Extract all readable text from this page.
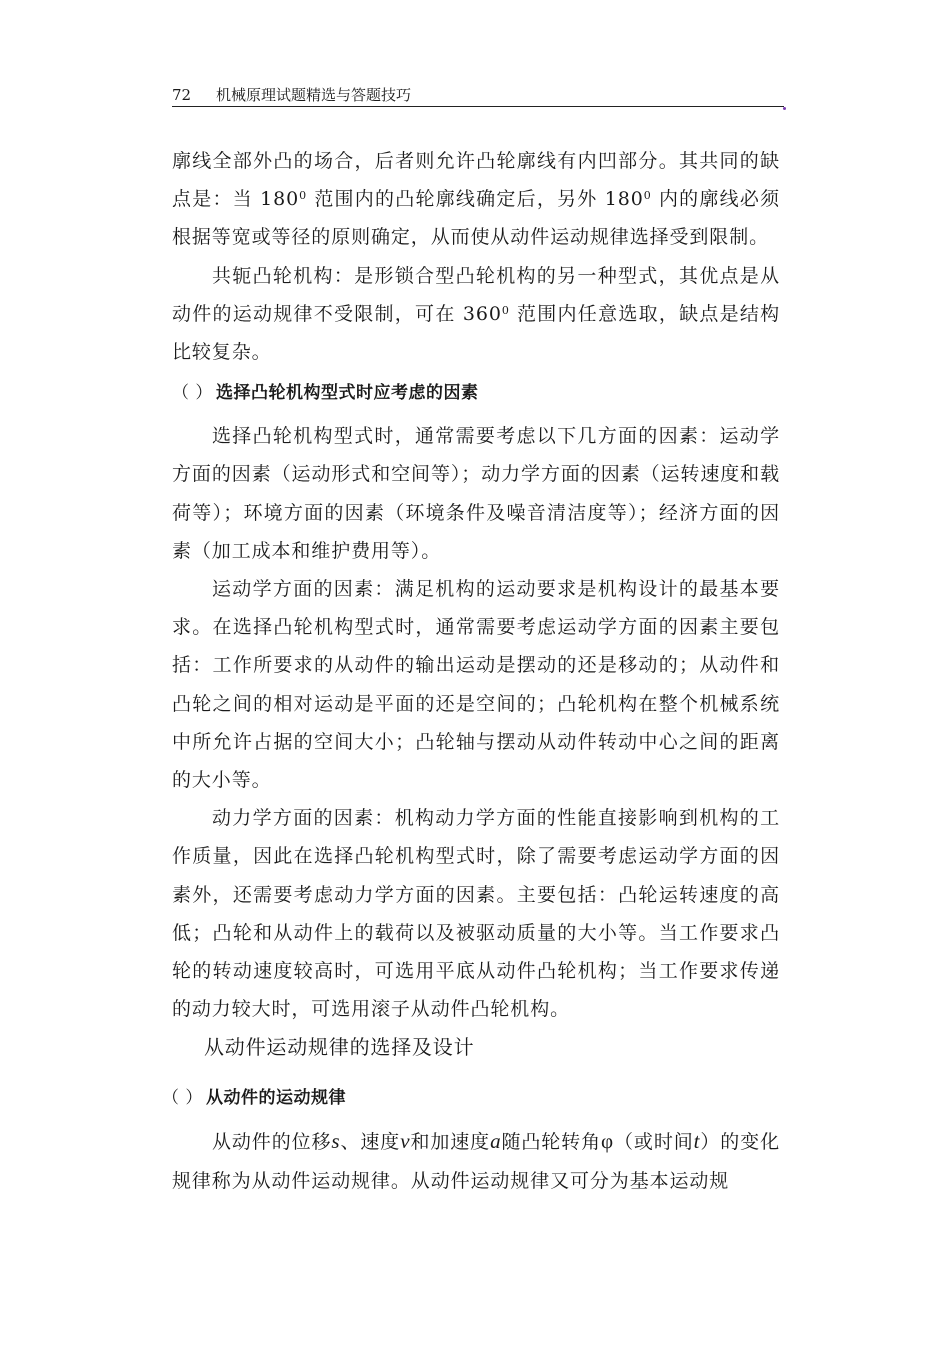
72 机械原理试题精选与答题技巧

廓线全部外凸的场合，后者则允许凸轮廓线有内凹部分。其共同的缺点是：当 $180^0$ 范围内的凸轮廓线确定后，另外 $180^0$ 内的廓线必须根据等宽或等径的原则确定，从而使从动件运动规律选择受到限制。

共轭凸轮机构：是形锁合型凸轮机构的另一种型式，其优点是从动件的运动规律不受限制，可在 $360^0$ 范围内任意选取，缺点是结构比较复杂。

（ ） 选择凸轮机构型式时应考虑的因素

选择凸轮机构型式时，通常需要考虑以下几方面的因素：运动学方面的因素（运动形式和空间等）；动力学方面的因素（运转速度和载荷等）；环境方面的因素（环境条件及噪音清洁度等）；经济方面的因素（加工成本和维护费用等）。

运动学方面的因素：满足机构的运动要求是机构设计的最基本要求。在选择凸轮机构型式时，通常需要考虑运动学方面的因素主要包括：工作所要求的从动件的输出运动是摆动的还是移动的；从动件和凸轮之间的相对运动是平面的还是空间的；凸轮机构在整个机械系统中所允许占据的空间大小；凸轮轴与摆动从动件转动中心之间的距离的大小等。

动力学方面的因素：机构动力学方面的性能直接影响到机构的工作质量，因此在选择凸轮机构型式时，除了需要考虑运动学方面的因素外，还需要考虑动力学方面的因素。主要包括：凸轮运转速度的高低；凸轮和从动件上的载荷以及被驱动质量的大小等。当工作要求凸轮的转动速度较高时，可选用平底从动件凸轮机构；当工作要求传递的动力较大时，可选用滚子从动件凸轮机构。

从动件运动规律的选择及设计
（ ） 从动件的运动规律

从动件的位移s、速度v和加速度a随凸轮转角φ（或时间t）的变化规律称为从动件运动规律。从动件运动规律又可分为基本运动规
